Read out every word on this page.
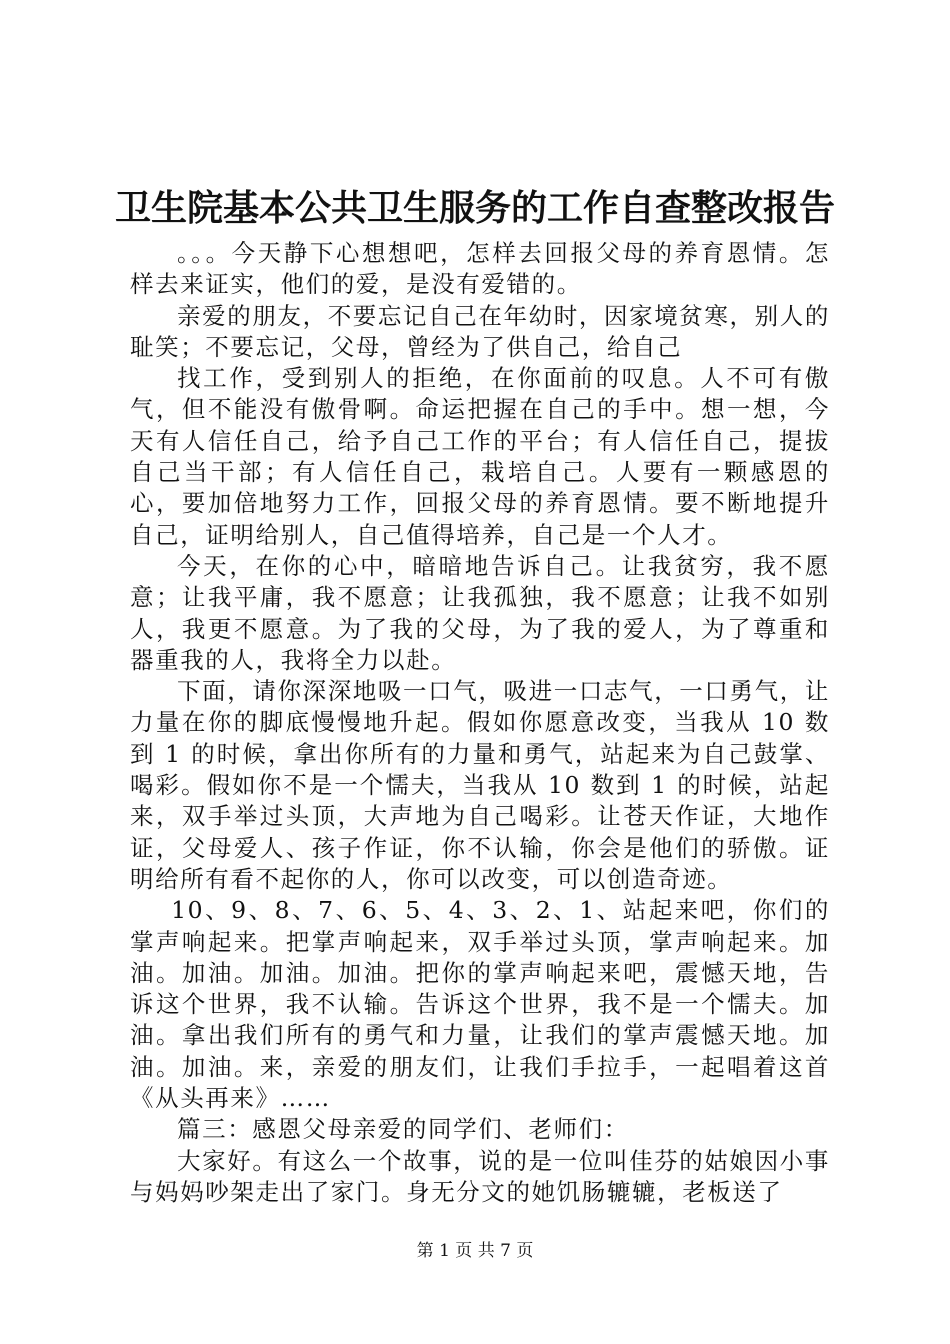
卫生院基本公共卫生服务的工作自查整改报告

。。。今天静下心想想吧，怎样去回报父母的养育恩情。怎样去来证实，他们的爱，是没有爱错的。

亲爱的朋友，不要忘记自己在年幼时，因家境贫寒，别人的耻笑；不要忘记，父母，曾经为了供自己，给自己

找工作，受到别人的拒绝，在你面前的叹息。人不可有傲气，但不能没有傲骨啊。命运把握在自己的手中。想一想，今天有人信任自己，给予自己工作的平台；有人信任自己，提拔自己当干部；有人信任自己，栽培自己。人要有一颗感恩的心，要加倍地努力工作，回报父母的养育恩情。要不断地提升自己，证明给别人，自己值得培养，自己是一个人才。

今天，在你的心中，暗暗地告诉自己。让我贫穷，我不愿意；让我平庸，我不愿意；让我孤独，我不愿意；让我不如别人，我更不愿意。为了我的父母，为了我的爱人，为了尊重和器重我的人，我将全力以赴。

下面，请你深深地吸一口气，吸进一口志气，一口勇气，让力量在你的脚底慢慢地升起。假如你愿意改变，当我从 10 数到 1 的时候，拿出你所有的力量和勇气，站起来为自己鼓掌、喝彩。假如你不是一个懦夫，当我从 10 数到 1 的时候，站起来，双手举过头顶，大声地为自己喝彩。让苍天作证，大地作证，父母爱人、孩子作证，你不认输，你会是他们的骄傲。证明给所有看不起你的人，你可以改变，可以创造奇迹。

10、9、8、7、6、5、4、3、2、1、站起来吧，你们的掌声响起来。把掌声响起来，双手举过头顶，掌声响起来。加油。加油。加油。加油。把你的掌声响起来吧，震憾天地，告诉这个世界，我不认输。告诉这个世界，我不是一个懦夫。加油。拿出我们所有的勇气和力量，让我们的掌声震憾天地。加油。加油。来，亲爱的朋友们，让我们手拉手，一起唱着这首《从头再来》……

篇三：感恩父母亲爱的同学们、老师们：

大家好。有这么一个故事，说的是一位叫佳芬的姑娘因小事与妈妈吵架走出了家门。身无分文的她饥肠辘辘，老板送了

第 1 页 共 7 页
